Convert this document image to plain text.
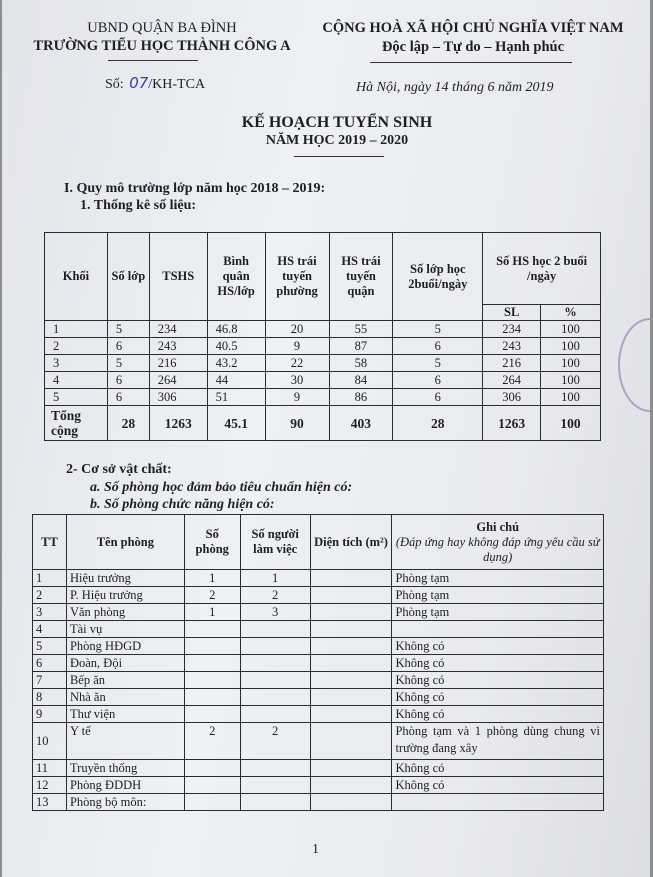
UBND QUẬN BA ĐÌNH
TRƯỜNG TIỂU HỌC THÀNH CÔNG A
Số: 07/KH-TCA
CỘNG HOÀ XÃ HỘI CHỦ NGHĨA VIỆT NAM
Độc lập – Tự do – Hạnh phúc
Hà Nội, ngày 14 tháng 6 năm 2019
KẾ HOẠCH TUYỂN SINH
NĂM HỌC 2019 – 2020
I. Quy mô trường lớp năm học 2018 – 2019:
1. Thống kê số liệu:
Khối	Số lớp	TSHS	Bình quân HS/lớp	HS trái tuyến phường	HS trái tuyến quận	Số lớp học 2buổi/ngày	Số HS học 2 buổi /ngày	
							SL	%
1	5	234	46.8	20	55	5	234	100
2	6	243	40.5	9	87	6	243	100
3	5	216	43.2	22	58	5	216	100
4	6	264	44	30	84	6	264	100
5	6	306	51	9	86	6	306	100
Tổng cộng	28	1263	45.1	90	403	28	1263	100
2- Cơ sở vật chất:
a. Số phòng học đảm bảo tiêu chuẩn hiện có:
b. Số phòng chức năng hiện có:
TT	Tên phòng	Số phòng	Số người làm việc	Diện tích (m²)	Ghi chú
(Đáp ứng hay không đáp ứng yêu cầu sử dụng)

1	Hiệu trưởng	1	1		Phòng tạm
2	P. Hiệu trưởng	2	2		Phòng tạm
3	Văn phòng	1	3		Phòng tạm
4	Tài vụ				
5	Phòng HĐGD				Không có
6	Đoàn, Đội				Không có
7	Bếp ăn				Không có
8	Nhà ăn				Không có
9	Thư viện				Không có
10	Y tế	2	2		Phòng tạm và 1 phòng dùng chung vì trường đang xây
11	Truyền thống				Không có
12	Phòng ĐDDH				Không có
13	Phòng bộ môn:				
1
